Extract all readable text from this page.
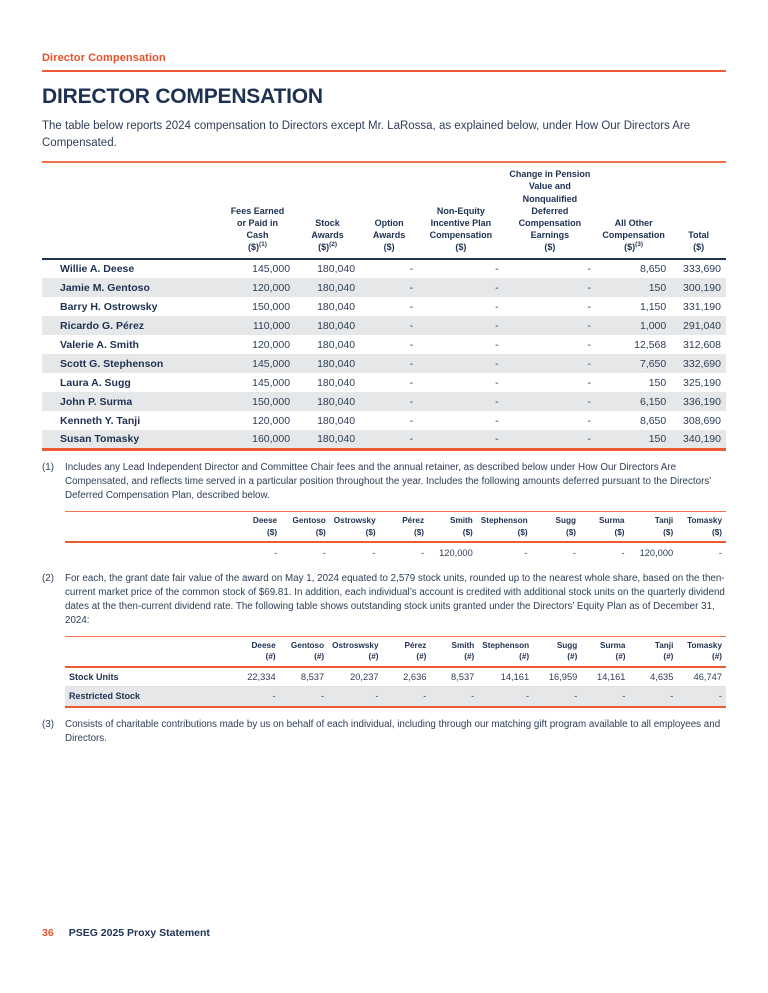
Director Compensation
DIRECTOR COMPENSATION

The table below reports 2024 compensation to Directors except Mr. LaRossa, as explained below, under How Our Directors Are Compensated.

	Fees Earned
or Paid in
Cash
($)$^{(1)}$	Stock
Awards
($)$^{(2)}$	Option
Awards
($)	Non-Equity
Incentive Plan
Compensation
($)	Change in Pension
Value and
Nonqualified
Deferred
Compensation
Earnings
($)	All Other
Compensation
($)$^{(3)}$	Total
($)
Willie A. Deese	145,000	180,040	-	-	-	8,650	333,690
Jamie M. Gentoso	120,000	180,040	-	-	-	150	300,190
Barry H. Ostrowsky	150,000	180,040	-	-	-	1,150	331,190
Ricardo G. Pérez	110,000	180,040	-	-	-	1,000	291,040
Valerie A. Smith	120,000	180,040	-	-	-	12,568	312,608
Scott G. Stephenson	145,000	180,040	-	-	-	7,650	332,690
Laura A. Sugg	145,000	180,040	-	-	-	150	325,190
John P. Surma	150,000	180,040	-	-	-	6,150	336,190
Kenneth Y. Tanji	120,000	180,040	-	-	-	8,650	308,690
Susan Tomasky	160,000	180,040	-	-	-	150	340,190
(1)	Includes any Lead Independent Director and Committee Chair fees and the annual retainer, as described below under How Our Directors Are Compensated, and reflects time served in a particular position throughout the year. Includes the following amounts deferred pursuant to the Directors’ Deferred Compensation Plan, described below.
	Deese
($)	Gentoso
($)	Ostrowsky
($)	Pérez
($)	Smith
($)	Stephenson
($)	Sugg
($)	Surma
($)	Tanji
($)	Tomasky
($)
	-	-	-	-	120,000	-	-	-	120,000	-
(2)	For each, the grant date fair value of the award on May 1, 2024 equated to 2,579 stock units, rounded up to the nearest whole share, based on the then-current market price of the common stock of $69.81. In addition, each individual’s account is credited with additional stock units on the quarterly dividend dates at the then-current dividend rate. The following table shows outstanding stock units granted under the Directors’ Equity Plan as of December 31, 2024:
	Deese
(#)	Gentoso
(#)	Ostroswsky
(#)	Pérez
(#)	Smith
(#)	Stephenson
(#)	Sugg
(#)	Surma
(#)	Tanji
(#)	Tomasky
(#)
Stock Units	22,334	8,537	20,237	2,636	8,537	14,161	16,959	14,161	4,635	46,747
Restricted Stock	-	-	-	-	-	-	-	-	-	-
(3)	Consists of charitable contributions made by us on behalf of each individual, including through our matching gift program available to all employees and Directors.
36 PSEG 2025 Proxy Statement
